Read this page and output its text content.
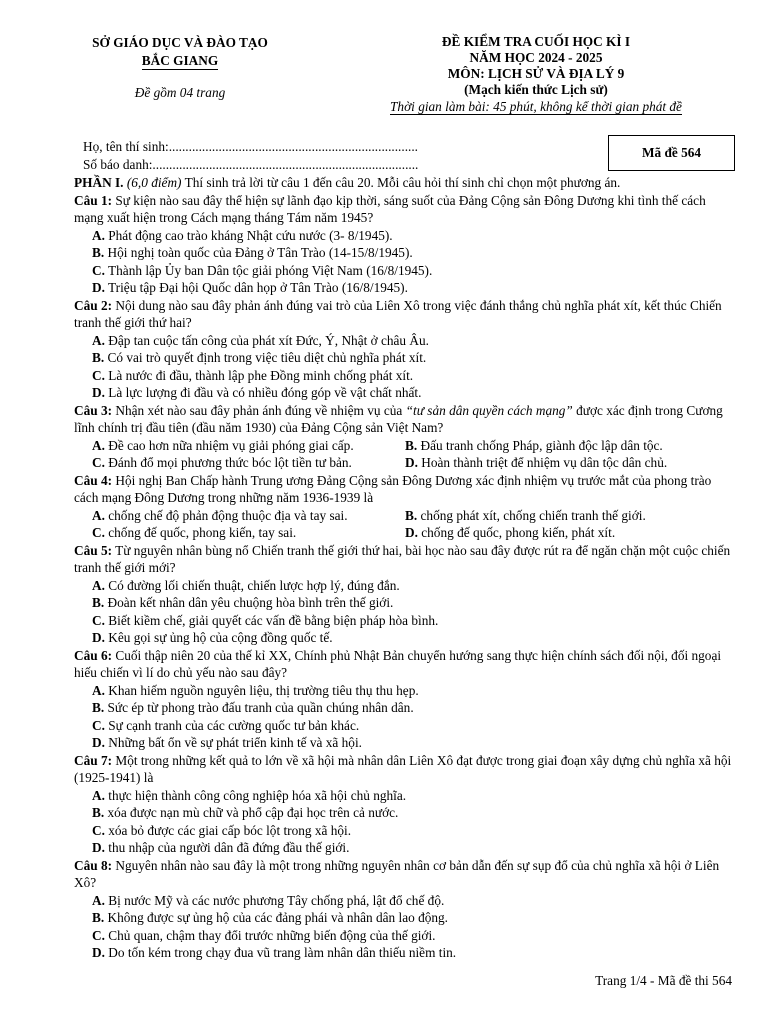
SỞ GIÁO DỤC VÀ ĐÀO TẠO
BẮC GIANG
Đề gồm 04 trang
ĐỀ KIỂM TRA CUỐI HỌC KÌ I
NĂM HỌC 2024 - 2025
MÔN: LỊCH SỬ VÀ ĐỊA LÝ 9
(Mạch kiến thức Lịch sử)
Thời gian làm bài: 45 phút, không kể thời gian phát đề
Họ, tên thí sinh:...........................................................................
Số báo danh:................................................................................
Mã đề 564

PHẦN I. (6,0 điểm) Thí sinh trả lời từ câu 1 đến câu 20. Mỗi câu hỏi thí sinh chỉ chọn một phương án.

Câu 1: Sự kiện nào sau đây thể hiện sự lãnh đạo kịp thời, sáng suốt của Đảng Cộng sản Đông Dương khi tình thế cách mạng xuất hiện trong Cách mạng tháng Tám năm 1945?

A. Phát động cao trào kháng Nhật cứu nước (3- 8/1945).

B. Hội nghị toàn quốc của Đảng ở Tân Trào (14-15/8/1945).

C. Thành lập Ủy ban Dân tộc giải phóng Việt Nam (16/8/1945).

D. Triệu tập Đại hội Quốc dân họp ở Tân Trào (16/8/1945).

Câu 2: Nội dung nào sau đây phản ánh đúng vai trò của Liên Xô trong việc đánh thắng chủ nghĩa phát xít, kết thúc Chiến tranh thế giới thứ hai?

A. Đập tan cuộc tấn công của phát xít Đức, Ý, Nhật ở châu Âu.

B. Có vai trò quyết định trong việc tiêu diệt chủ nghĩa phát xít.

C. Là nước đi đầu, thành lập phe Đồng minh chống phát xít.

D. Là lực lượng đi đầu và có nhiều đóng góp về vật chất nhất.

Câu 3: Nhận xét nào sau đây phản ánh đúng về nhiệm vụ của “tư sản dân quyền cách mạng” được xác định trong Cương lĩnh chính trị đầu tiên (đầu năm 1930) của Đảng Cộng sản Việt Nam?

A. Đề cao hơn nữa nhiệm vụ giải phóng giai cấp.	B. Đấu tranh chống Pháp, giành độc lập dân tộc.
C. Đánh đổ mọi phương thức bóc lột tiền tư bản.	D. Hoàn thành triệt để nhiệm vụ dân tộc dân chủ.

Câu 4: Hội nghị Ban Chấp hành Trung ương Đảng Cộng sản Đông Dương xác định nhiệm vụ trước mắt của phong trào cách mạng Đông Dương trong những năm 1936-1939 là

A. chống chế độ phản động thuộc địa và tay sai.	B. chống phát xít, chống chiến tranh thế giới.
C. chống đế quốc, phong kiến, tay sai.	D. chống đế quốc, phong kiến, phát xít.

Câu 5: Từ nguyên nhân bùng nổ Chiến tranh thế giới thứ hai, bài học nào sau đây được rút ra để ngăn chặn một cuộc chiến tranh thế giới mới?

A. Có đường lối chiến thuật, chiến lược hợp lý, đúng đắn.

B. Đoàn kết nhân dân yêu chuộng hòa bình trên thế giới.

C. Biết kiềm chế, giải quyết các vấn đề bằng biện pháp hòa bình.

D. Kêu gọi sự ủng hộ của cộng đồng quốc tế.

Câu 6: Cuối thập niên 20 của thế kỉ XX, Chính phủ Nhật Bản chuyển hướng sang thực hiện chính sách đối nội, đối ngoại hiếu chiến vì lí do chủ yếu nào sau đây?

A. Khan hiếm nguồn nguyên liệu, thị trường tiêu thụ thu hẹp.

B. Sức ép từ phong trào đấu tranh của quần chúng nhân dân.

C. Sự cạnh tranh của các cường quốc tư bản khác.

D. Những bất ổn về sự phát triển kinh tế và xã hội.

Câu 7: Một trong những kết quả to lớn về xã hội mà nhân dân Liên Xô đạt được trong giai đoạn xây dựng chủ nghĩa xã hội (1925-1941) là

A. thực hiện thành công công nghiệp hóa xã hội chủ nghĩa.

B. xóa được nạn mù chữ và phổ cập đại học trên cả nước.

C. xóa bỏ được các giai cấp bóc lột trong xã hội.

D. thu nhập của người dân đã đứng đầu thế giới.

Câu 8: Nguyên nhân nào sau đây là một trong những nguyên nhân cơ bản dẫn đến sự sụp đổ của chủ nghĩa xã hội ở Liên Xô?

A. Bị nước Mỹ và các nước phương Tây chống phá, lật đổ chế độ.

B. Không được sự ủng hộ của các đảng phái và nhân dân lao động.

C. Chủ quan, chậm thay đổi trước những biến động của thế giới.

D. Do tốn kém trong chạy đua vũ trang làm nhân dân thiếu niềm tin.

Trang 1/4 - Mã đề thi 564
